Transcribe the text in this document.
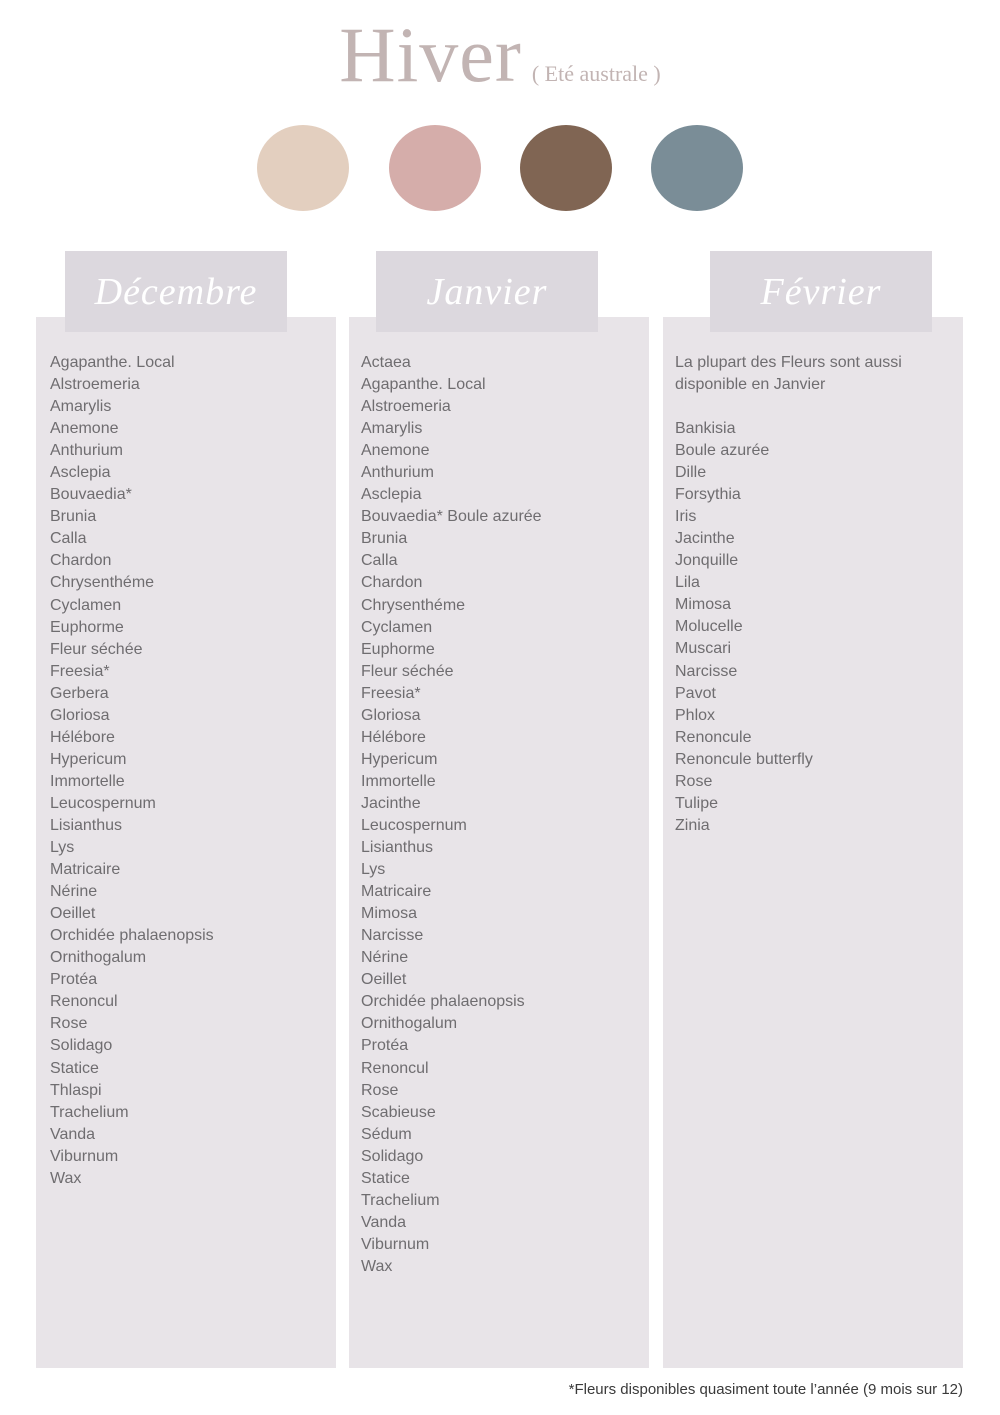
Hiver ( Eté australe )
Décembre	Janvier	Février
Agapanthe. Local
Alstroemeria
Amarylis
Anemone
Anthurium
Asclepia
Bouvaedia*
Brunia
Calla
Chardon
Chrysenthéme
Cyclamen
Euphorme
Fleur séchée
Freesia*
Gerbera
Gloriosa
Hélébore
Hypericum
Immortelle
Leucospernum
Lisianthus
Lys
Matricaire
Nérine
Oeillet
Orchidée phalaenopsis
Ornithogalum
Protéa
Renoncul
Rose
Solidago
Statice
Thlaspi
Trachelium
Vanda
Viburnum
Wax
Actaea
Agapanthe. Local
Alstroemeria
Amarylis
Anemone
Anthurium
Asclepia
Bouvaedia* Boule azurée
Brunia
Calla
Chardon
Chrysenthéme
Cyclamen
Euphorme
Fleur séchée
Freesia*
Gloriosa
Hélébore
Hypericum
Immortelle
Jacinthe
Leucospernum
Lisianthus
Lys
Matricaire
Mimosa
Narcisse
Nérine
Oeillet
Orchidée phalaenopsis
Ornithogalum
Protéa
Renoncul
Rose
Scabieuse
Sédum
Solidago
Statice
Trachelium
Vanda
Viburnum
Wax
La plupart des Fleurs sont aussi disponible en Janvier
Bankisia
Boule azurée
Dille
Forsythia
Iris
Jacinthe
Jonquille
Lila
Mimosa
Molucelle
Muscari
Narcisse
Pavot
Phlox
Renoncule
Renoncule butterfly
Rose
Tulipe
Zinia
*Fleurs disponibles quasiment toute l’année (9 mois sur 12)
